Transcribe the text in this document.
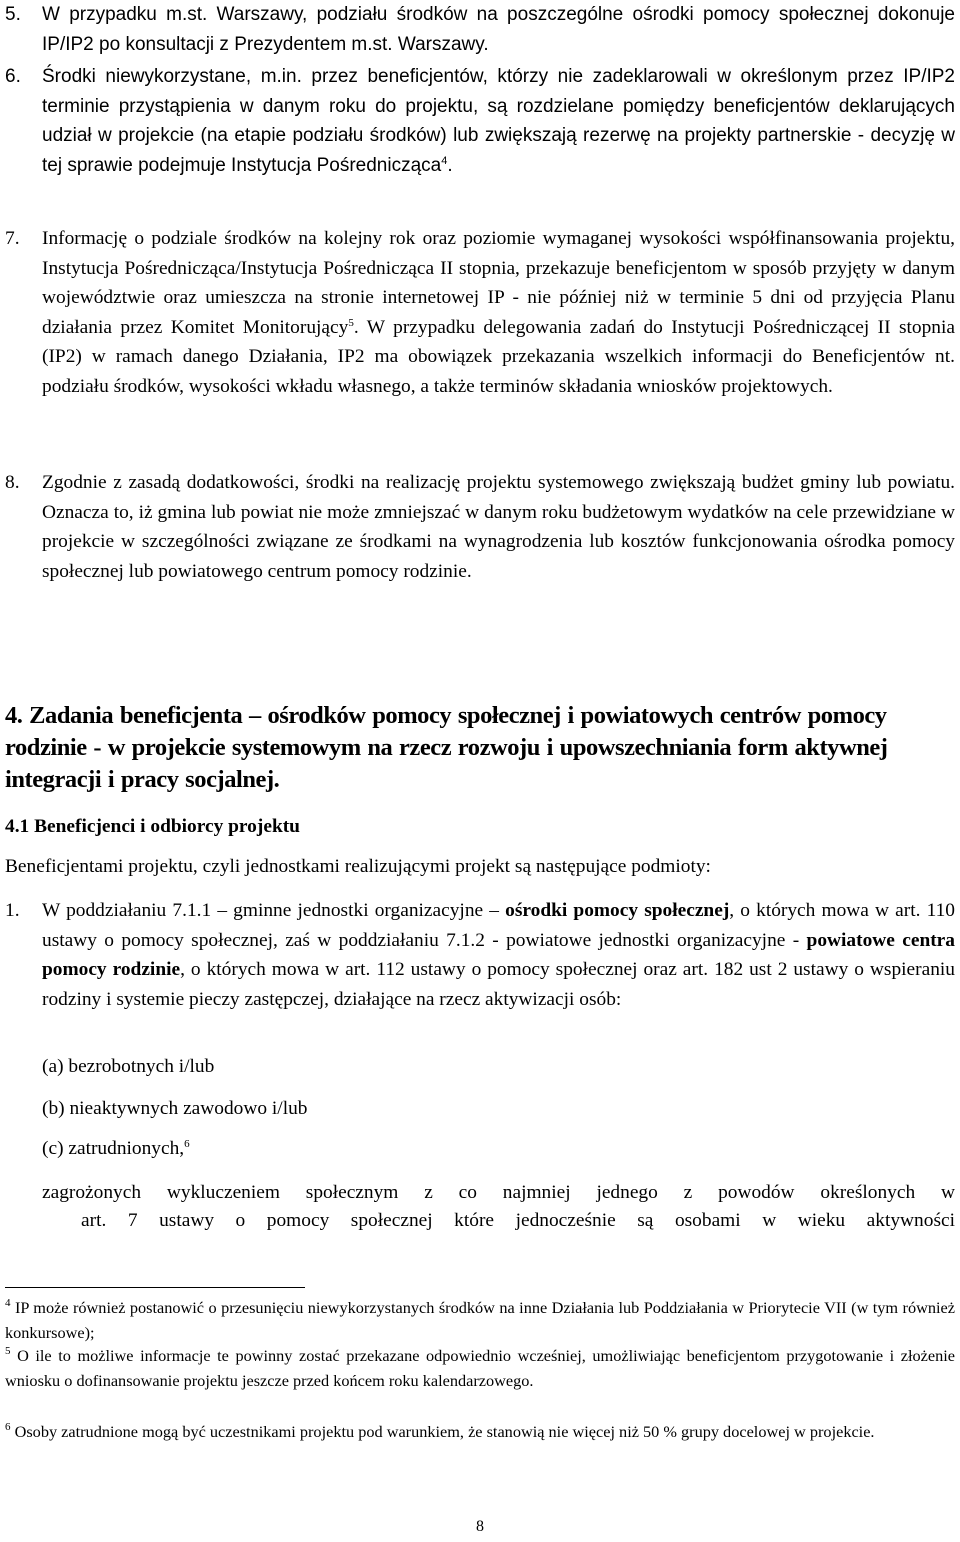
5. W przypadku m.st. Warszawy, podziału środków na poszczególne ośrodki pomocy społecznej dokonuje IP/IP2 po konsultacji z Prezydentem m.st. Warszawy.
6. Środki niewykorzystane, m.in. przez beneficjentów, którzy nie zadeklarowali w określonym przez IP/IP2 terminie przystąpienia w danym roku do projektu, są rozdzielane pomiędzy beneficjentów deklarujących udział w projekcie (na etapie podziału środków) lub zwiększają rezerwę na projekty partnerskie - decyzję w tej sprawie podejmuje Instytucja Pośrednicząca$^4$.
7. Informację o podziale środków na kolejny rok oraz poziomie wymaganej wysokości współfinansowania projektu, Instytucja Pośrednicząca/Instytucja Pośrednicząca II stopnia, przekazuje beneficjentom w sposób przyjęty w danym województwie oraz umieszcza na stronie internetowej IP - nie później niż w terminie 5 dni od przyjęcia Planu działania przez Komitet Monitorujący$^5$. W przypadku delegowania zadań do Instytucji Pośredniczącej II stopnia (IP2) w ramach danego Działania, IP2 ma obowiązek przekazania wszelkich informacji do Beneficjentów nt. podziału środków, wysokości wkładu własnego, a także terminów składania wniosków projektowych.
8. Zgodnie z zasadą dodatkowości, środki na realizację projektu systemowego zwiększają budżet gminy lub powiatu. Oznacza to, iż gmina lub powiat nie może zmniejszać w danym roku budżetowym wydatków na cele przewidziane w projekcie w szczególności związane ze środkami na wynagrodzenia lub kosztów funkcjonowania ośrodka pomocy społecznej lub powiatowego centrum pomocy rodzinie.
4. Zadania beneficjenta – ośrodków pomocy społecznej i powiatowych centrów pomocy rodzinie - w projekcie systemowym na rzecz rozwoju i upowszechniania form aktywnej integracji i pracy socjalnej.
4.1 Beneficjenci i odbiorcy projektu
Beneficjentami projektu, czyli jednostkami realizującymi projekt są następujące podmioty:
1. W poddziałaniu 7.1.1 – gminne jednostki organizacyjne – ośrodki pomocy społecznej, o których mowa w art. 110 ustawy o pomocy społecznej, zaś w poddziałaniu 7.1.2 - powiatowe jednostki organizacyjne - powiatowe centra pomocy rodzinie, o których mowa w art. 112 ustawy o pomocy społecznej oraz art. 182 ust 2 ustawy o wspieraniu rodziny i systemie pieczy zastępczej, działające na rzecz aktywizacji osób:
(a) bezrobotnych i/lub
(b) nieaktywnych zawodowo i/lub
(c) zatrudnionych,$^6$
zagrożonych wykluczeniem społecznym z co najmniej jednego z powodów określonych w
art. 7 ustawy o pomocy społecznej które jednocześnie są osobami w wieku aktywności
$^4$ IP może również postanowić o przesunięciu niewykorzystanych środków na inne Działania lub Poddziałania w Priorytecie VII (w tym również konkursowe);
$^5$ O ile to możliwe informacje te powinny zostać przekazane odpowiednio wcześniej, umożliwiając beneficjentom przygotowanie i złożenie wniosku o dofinansowanie projektu jeszcze przed końcem roku kalendarzowego.
$^6$ Osoby zatrudnione mogą być uczestnikami projektu pod warunkiem, że stanowią nie więcej niż 50 % grupy docelowej w projekcie.
8
